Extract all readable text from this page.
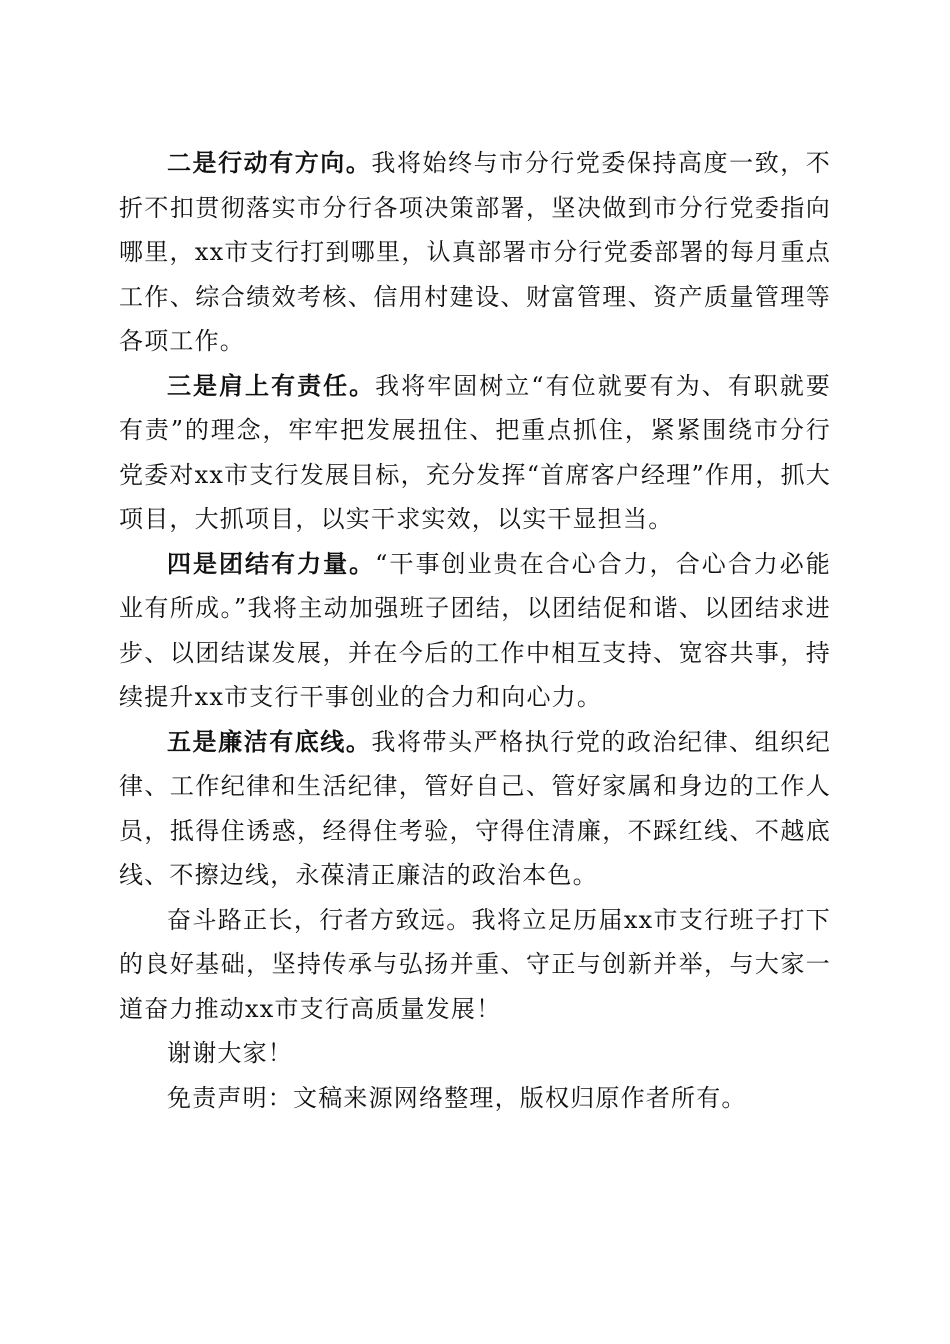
二是行动有方向。我将始终与市分行党委保持高度一致，不折不扣贯彻落实市分行各项决策部署，坚决做到市分行党委指向哪里，xx市支行打到哪里，认真部署市分行党委部署的每月重点工作、综合绩效考核、信用村建设、财富管理、资产质量管理等各项工作。

三是肩上有责任。我将牢固树立“有位就要有为、有职就要有责”的理念，牢牢把发展扭住、把重点抓住，紧紧围绕市分行党委对xx市支行发展目标，充分发挥“首席客户经理”作用，抓大项目，大抓项目，以实干求实效，以实干显担当。

四是团结有力量。“干事创业贵在合心合力，合心合力必能业有所成。”我将主动加强班子团结，以团结促和谐、以团结求进步、以团结谋发展，并在今后的工作中相互支持、宽容共事，持续提升xx市支行干事创业的合力和向心力。

五是廉洁有底线。我将带头严格执行党的政治纪律、组织纪律、工作纪律和生活纪律，管好自己、管好家属和身边的工作人员，抵得住诱惑，经得住考验，守得住清廉，不踩红线、不越底线、不擦边线，永葆清正廉洁的政治本色。

奋斗路正长，行者方致远。我将立足历届xx市支行班子打下的良好基础，坚持传承与弘扬并重、守正与创新并举，与大家一道奋力推动xx市支行高质量发展！

谢谢大家！

免责声明：文稿来源网络整理，版权归原作者所有。
